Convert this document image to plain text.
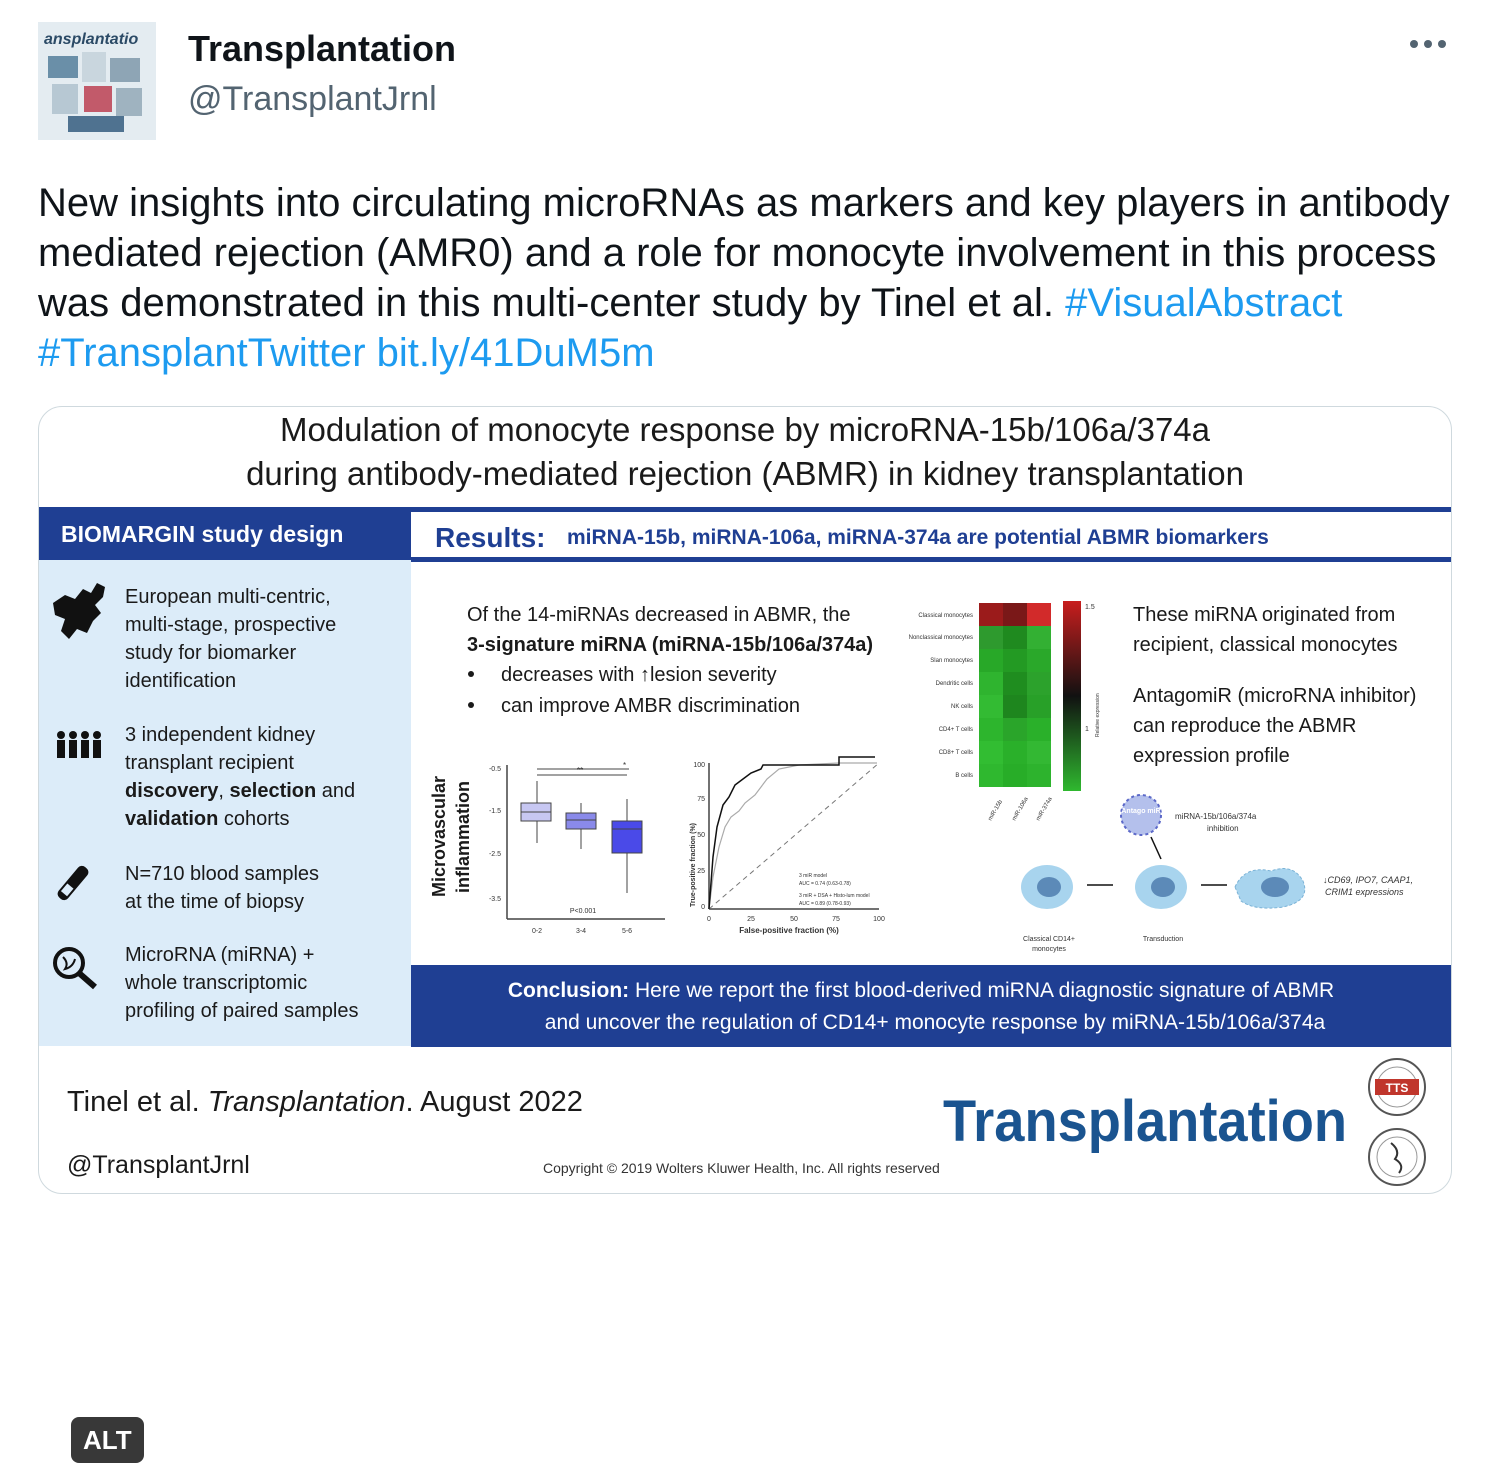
ansplantatio Transplantation
@TransplantJrnl
New insights into circulating microRNAs as markers and key players in antibody mediated rejection (AMR0) and a role for monocyte involvement in this process was demonstrated in this multi-center study by Tinel et al. #VisualAbstract #TransplantTwitter bit.ly/41DuM5m
Modulation of monocyte response by microRNA-15b/106a/374a
during antibody-mediated rejection (ABMR) in kidney transplantation
BIOMARGIN study design	Results: miRNA-15b, miRNA-106a, miRNA-374a are potential ABMR biomarkers
European multi-centric,
multi-stage, prospective
study for biomarker
identification
3 independent kidney
transplant recipient
discovery, selection and
validation cohorts
N=710 blood samples
at the time of biopsy
MicroRNA (miRNA) +
whole transcriptomic
profiling of paired samples
Of the 14-miRNAs decreased in ABMR, the
3-signature miRNA (miRNA-15b/106a/374a)
decreases with ↑lesion severity
can improve AMBR discrimination
Microvascular inflammation
-0.5
-1.5
-2.5
-3.5
**
*
P<0.001
0-2	3-4	5-6
True-positive fraction (%)
100
75
50
25
0
3 miR model
AUC = 0.74 (0.63-0.78)
3 miR + DSA + Histo-lum model
AUC = 0.89 (0.78-0.93)
0	25	50	75	100
False-positive fraction (%)
Classical monocytes
Nonclassical monocytes
Slan monocytes
Dendritic cells
NK cells
CD4+ T cells
CD8+ T cells
B cells
miR-15b miR-106a miR-374a
1.5
1 Relative expression
These miRNA originated from
recipient, classical monocytes
AntagomiR (microRNA inhibitor)
can reproduce the ABMR
expression profile
Antago miR
miRNA-15b/106a/374a
inhibition
↓CD69, IPO7, CAAP1,
CRIM1 expressions
Classical CD14+
monocytes
Transduction
Conclusion: Here we report the first blood-derived miRNA diagnostic signature of ABMR
and uncover the regulation of CD14+ monocyte response by miRNA-15b/106a/374a
Tinel et al. Transplantation. August 2022
@TransplantJrnl
Transplantation
Copyright © 2019 Wolters Kluwer Health, Inc. All rights reserved
TTS
ALT
